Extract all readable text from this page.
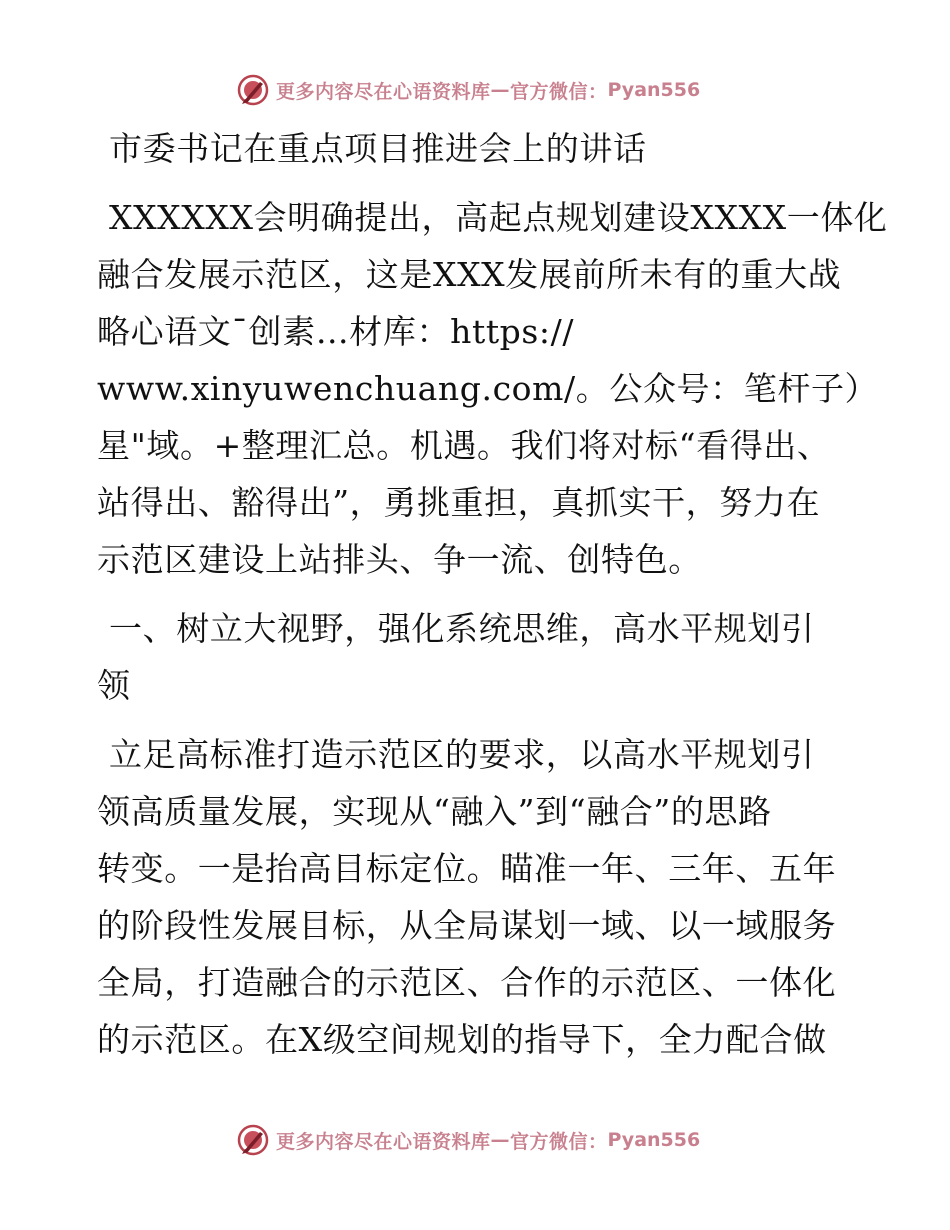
更多内容尽在心语资料库 — 官方微信： Pyan556
市委书记在重点项目推进会上的讲话
XXXXXX会明确提出，高起点规划建设XXXX一体化
融合发展示范区，这是XXX发展前所未有的重大战
略心语文¯创素…材库：https://
www.xinyuwenchuang.com/。公众号：笔杆子）
星"域。+整理汇总。机遇。我们将对标“看得出、
站得出、豁得出”，勇挑重担，真抓实干，努力在
示范区建设上站排头、争一流、创特色。
一、树立大视野，强化系统思维，高水平规划引
领
立足高标准打造示范区的要求，以高水平规划引
领高质量发展，实现从“融入”到“融合”的思路
转变。一是抬高目标定位。瞄准一年、三年、五年
的阶段性发展目标，从全局谋划一域、以一域服务
全局，打造融合的示范区、合作的示范区、一体化
的示范区。在X级空间规划的指导下，全力配合做
更多内容尽在心语资料库 — 官方微信： Pyan556
